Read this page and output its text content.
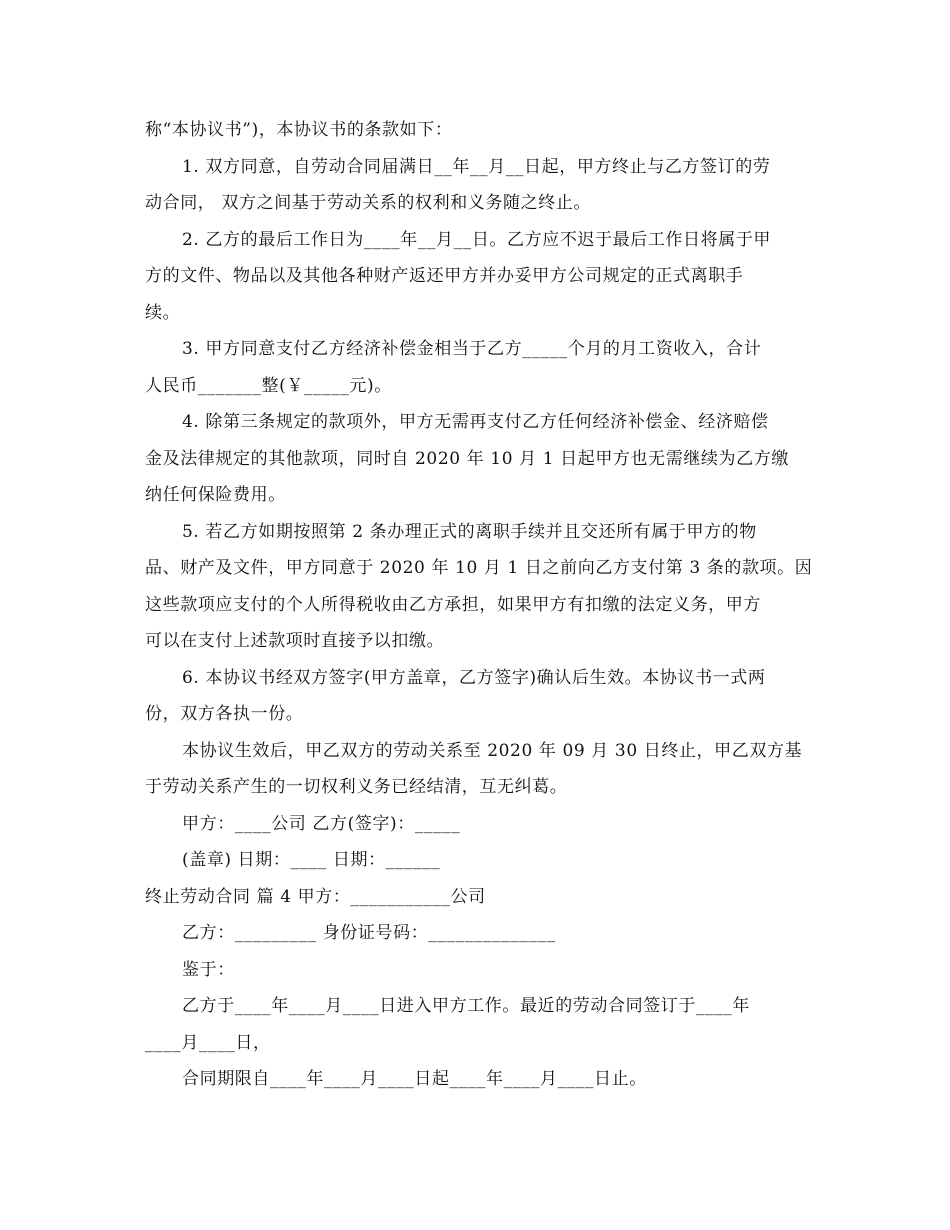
称“本协议书”)，本协议书的条款如下：
1. 双方同意，自劳动合同届满日__年__月__日起，甲方终止与乙方签订的劳
动合同， 双方之间基于劳动关系的权利和义务随之终止。
2. 乙方的最后工作日为____年__月__日。乙方应不迟于最后工作日将属于甲
方的文件、物品以及其他各种财产返还甲方并办妥甲方公司规定的正式离职手
续。
3. 甲方同意支付乙方经济补偿金相当于乙方_____个月的月工资收入，合计
人民币_______整(￥_____元)。
4. 除第三条规定的款项外，甲方无需再支付乙方任何经济补偿金、经济赔偿
金及法律规定的其他款项，同时自 2020 年 10 月 1 日起甲方也无需继续为乙方缴
纳任何保险费用。
5. 若乙方如期按照第 2 条办理正式的离职手续并且交还所有属于甲方的物
品、财产及文件，甲方同意于 2020 年 10 月 1 日之前向乙方支付第 3 条的款项。因
这些款项应支付的个人所得税收由乙方承担，如果甲方有扣缴的法定义务，甲方
可以在支付上述款项时直接予以扣缴。
6. 本协议书经双方签字(甲方盖章，乙方签字)确认后生效。本协议书一式两
份，双方各执一份。
本协议生效后，甲乙双方的劳动关系至 2020 年 09 月 30 日终止，甲乙双方基
于劳动关系产生的一切权利义务已经结清，互无纠葛。
甲方：____公司 乙方(签字)：_____
(盖章) 日期：____ 日期：______
终止劳动合同 篇 4 甲方：___________公司
乙方：_________ 身份证号码：______________
鉴于：
乙方于____年____月____日进入甲方工作。最近的劳动合同签订于____年
____月____日，
合同期限自____年____月____日起____年____月____日止。
